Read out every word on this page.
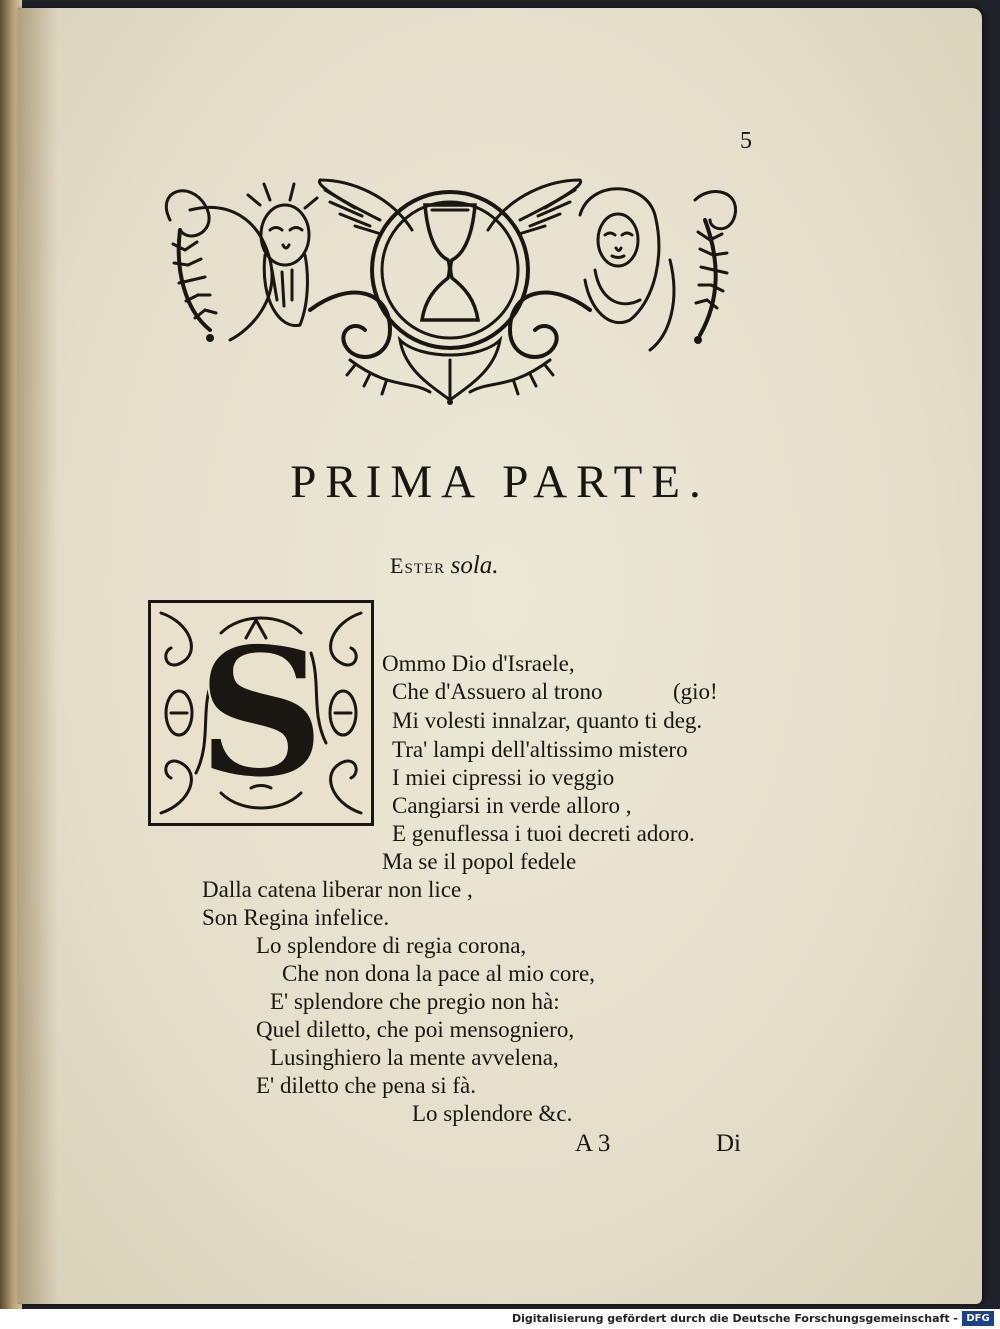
5
PRIMA PARTE.
Ester sola.
S Ommo Dio d'Israele,
Che d'Assuero al trono	(gio!
Mi volesti innalzar, quanto ti deg.
Tra' lampi dell'altissimo mistero
I miei cipressi io veggio
Cangiarsi in verde alloro ,
E genuflessa i tuoi decreti adoro.
Ma se il popol fedele
Dalla catena liberar non lice ,
Son Regina infelice.
Lo splendore di regia corona,
Che non dona la pace al mio core,
E' splendore che pregio non hà:
Quel diletto, che poi mensogniero,
Lusinghiero la mente avvelena,
E' diletto che pena si fà.
Lo splendore &c.
A 3	Di
Digitalisierung gefördert durch die Deutsche Forschungsgemeinschaft - DFG
